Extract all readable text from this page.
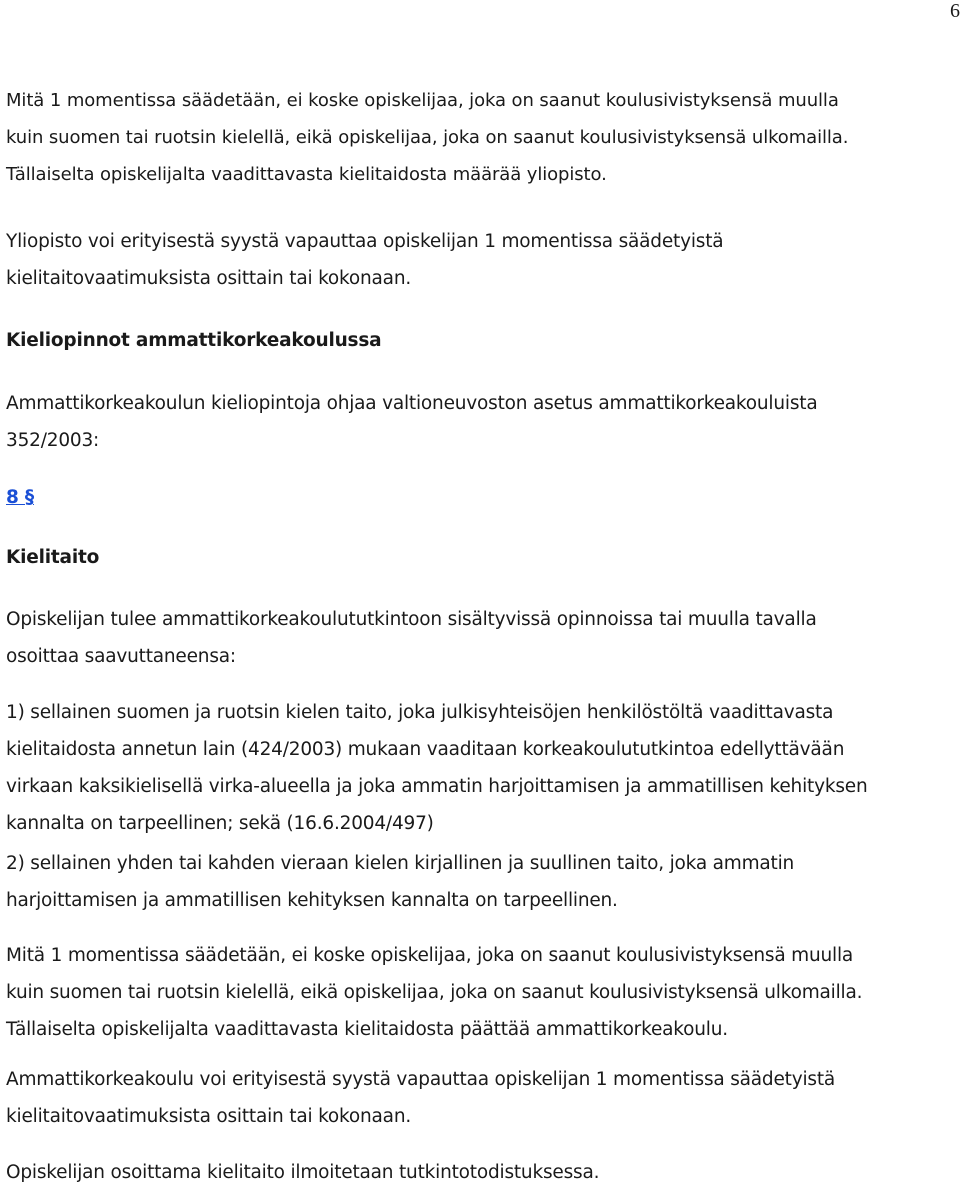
6
Mitä 1 momentissa säädetään, ei koske opiskelijaa, joka on saanut koulusivistyksensä muulla
kuin suomen tai ruotsin kielellä, eikä opiskelijaa, joka on saanut koulusivistyksensä ulkomailla.
Tällaiselta opiskelijalta vaadittavasta kielitaidosta määrää yliopisto.
Yliopisto voi erityisestä syystä vapauttaa opiskelijan 1 momentissa säädetyistä
kielitaitovaatimuksista osittain tai kokonaan.
Kieliopinnot ammattikorkeakoulussa
Ammattikorkeakoulun kieliopintoja ohjaa valtioneuvoston asetus ammattikorkeakouluista
352/2003:
8 §
Kielitaito
Opiskelijan tulee ammattikorkeakoulututkintoon sisältyvissä opinnoissa tai muulla tavalla
osoittaa saavuttaneensa:
1) sellainen suomen ja ruotsin kielen taito, joka julkisyhteisöjen henkilöstöltä vaadittavasta
kielitaidosta annetun lain (424/2003) mukaan vaaditaan korkeakoulututkintoa edellyttävään
virkaan kaksikielisellä virka-alueella ja joka ammatin harjoittamisen ja ammatillisen kehityksen
kannalta on tarpeellinen; sekä (16.6.2004/497)
2) sellainen yhden tai kahden vieraan kielen kirjallinen ja suullinen taito, joka ammatin
harjoittamisen ja ammatillisen kehityksen kannalta on tarpeellinen.
Mitä 1 momentissa säädetään, ei koske opiskelijaa, joka on saanut koulusivistyksensä muulla
kuin suomen tai ruotsin kielellä, eikä opiskelijaa, joka on saanut koulusivistyksensä ulkomailla.
Tällaiselta opiskelijalta vaadittavasta kielitaidosta päättää ammattikorkeakoulu.
Ammattikorkeakoulu voi erityisestä syystä vapauttaa opiskelijan 1 momentissa säädetyistä
kielitaitovaatimuksista osittain tai kokonaan.
Opiskelijan osoittama kielitaito ilmoitetaan tutkintotodistuksessa.
